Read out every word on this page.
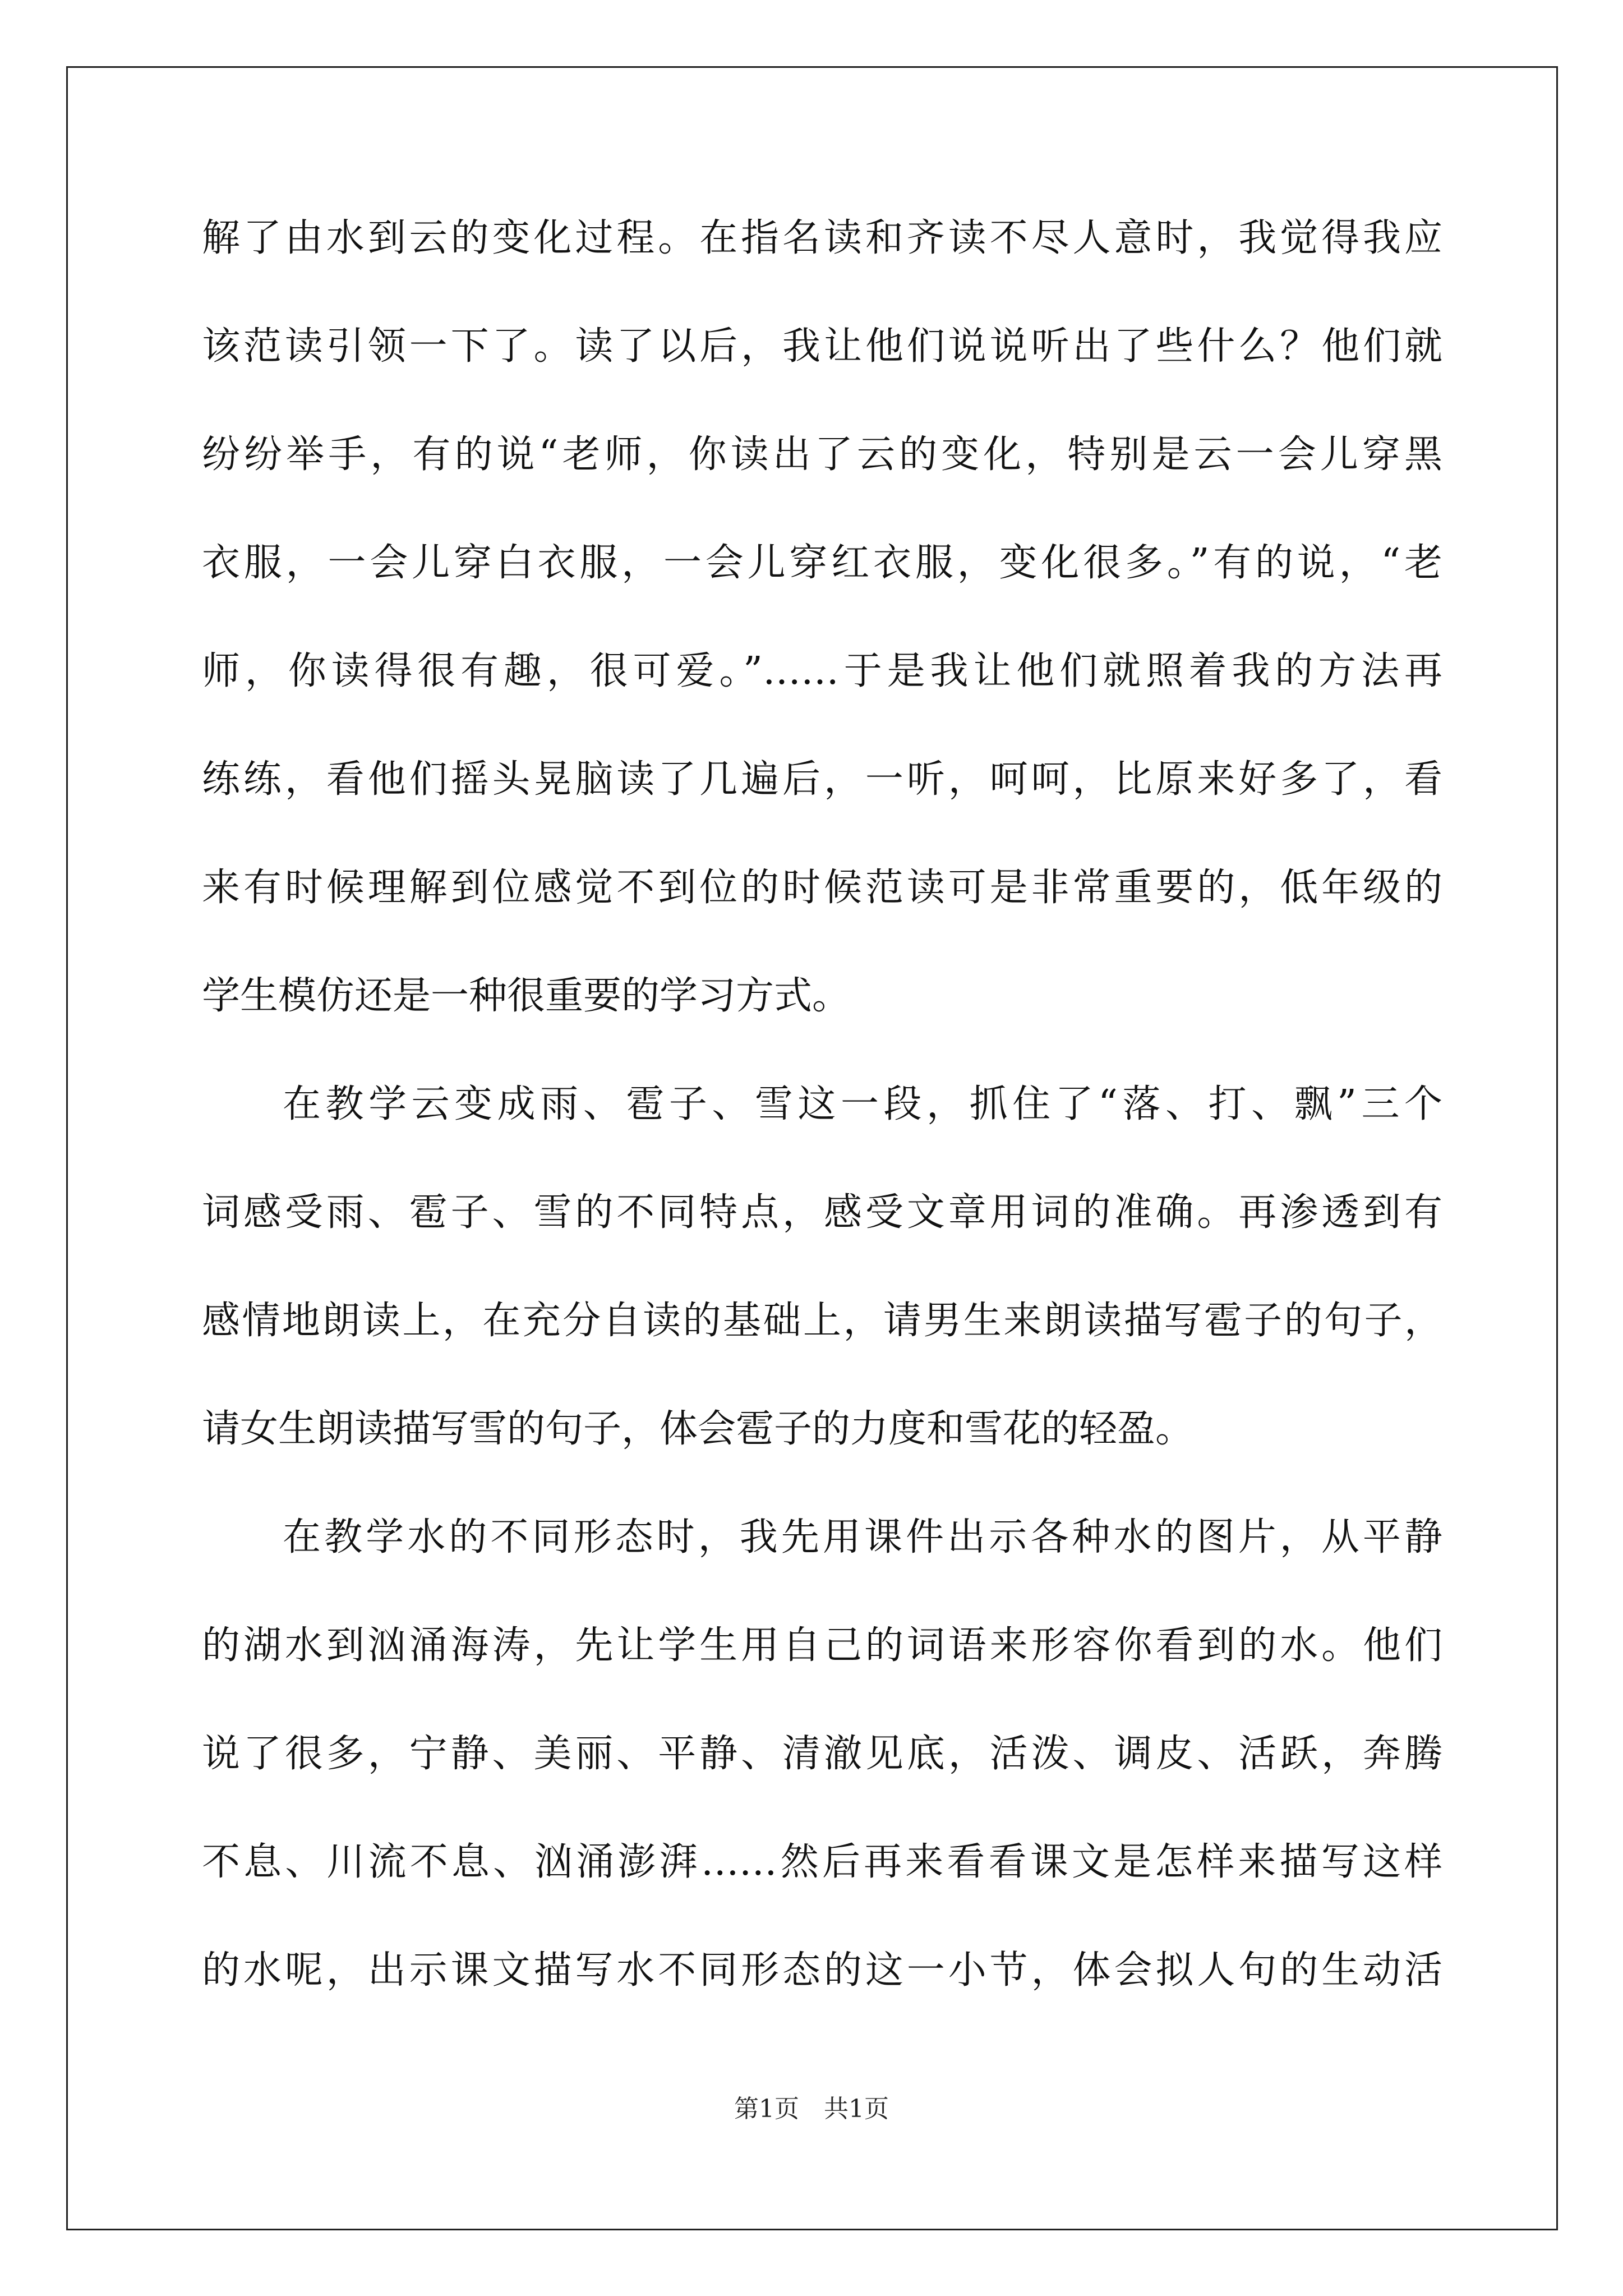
解了由水到云的变化过程。在指名读和齐读不尽人意时，我觉得我应
该范读引领一下了。读了以后，我让他们说说听出了些什么？他们就
纷纷举手，有的说“老师，你读出了云的变化，特别是云一会儿穿黑
衣服，一会儿穿白衣服，一会儿穿红衣服，变化很多。”有的说，“老
师，你读得很有趣，很可爱。”……于是我让他们就照着我的方法再
练练，看他们摇头晃脑读了几遍后，一听，呵呵，比原来好多了，看
来有时候理解到位感觉不到位的时候范读可是非常重要的，低年级的
学生模仿还是一种很重要的学习方式。
在教学云变成雨、雹子、雪这一段，抓住了“落、打、飘”三个
词感受雨、雹子、雪的不同特点，感受文章用词的准确。再渗透到有
感情地朗读上，在充分自读的基础上，请男生来朗读描写雹子的句子，
请女生朗读描写雪的句子，体会雹子的力度和雪花的轻盈。
在教学水的不同形态时，我先用课件出示各种水的图片，从平静
的湖水到汹涌海涛，先让学生用自己的词语来形容你看到的水。他们
说了很多，宁静、美丽、平静、清澈见底，活泼、调皮、活跃，奔腾
不息、川流不息、汹涌澎湃……然后再来看看课文是怎样来描写这样
的水呢，出示课文描写水不同形态的这一小节，体会拟人句的生动活
第1页　共1页
